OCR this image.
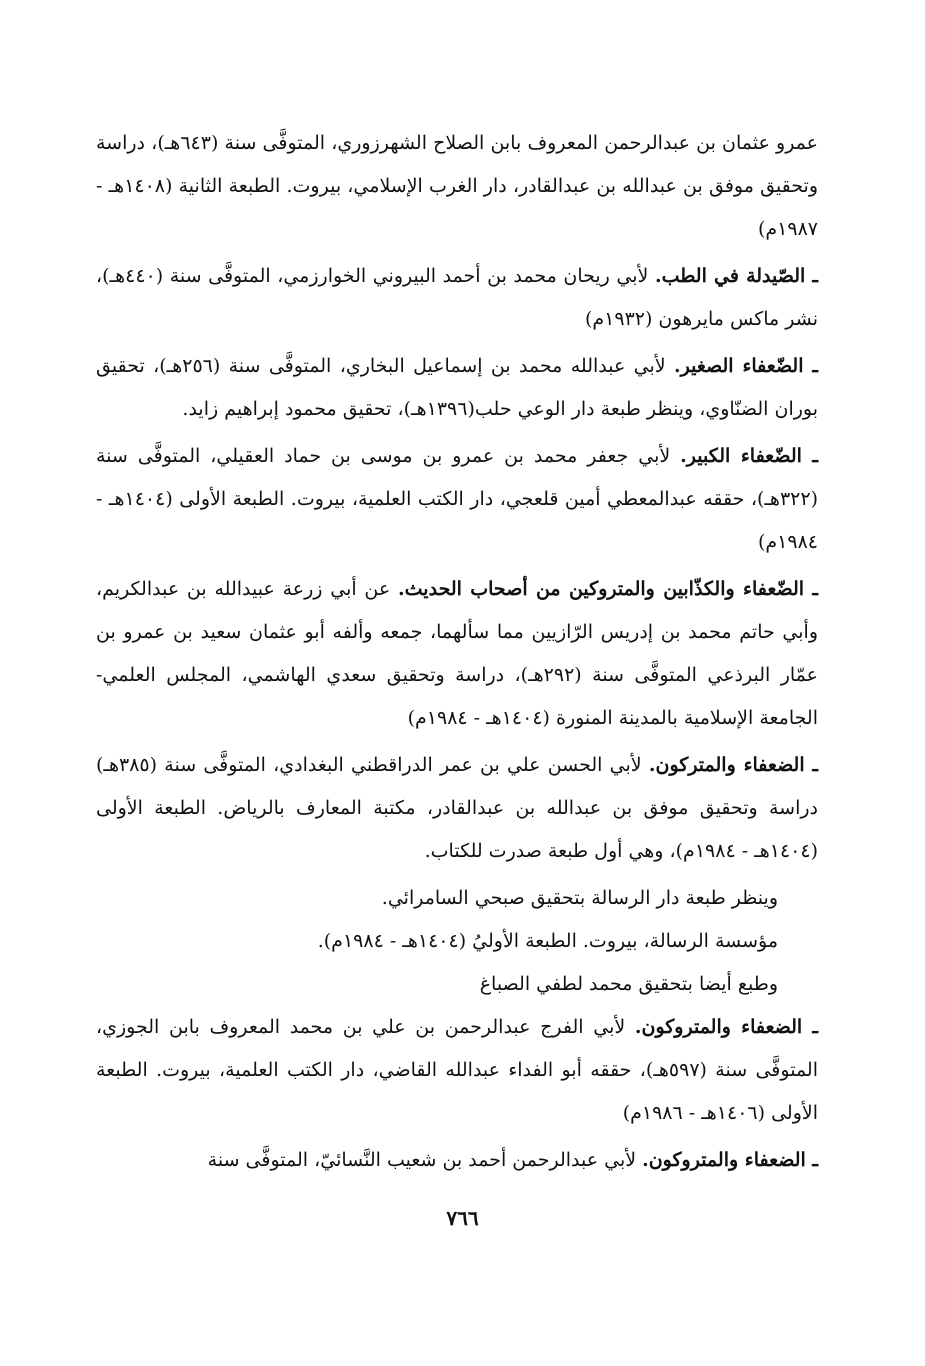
عمرو عثمان بن عبدالرحمن المعروف بابن الصلاح الشهرزوري، المتوفَّى سنة (٦٤٣هـ)، دراسة وتحقيق موفق بن عبدالله بن عبدالقادر، دار الغرب الإسلامي، بيروت. الطبعة الثانية (١٤٠٨هـ - ١٩٨٧م)

ـ الصّيدلة في الطب. لأبي ريحان محمد بن أحمد البيروني الخوارزمي، المتوفَّى سنة (٤٤٠هـ)، نشر ماكس مايرهون (١٩٣٢م)

ـ الضّعفاء الصغير. لأبي عبدالله محمد بن إسماعيل البخاري، المتوفَّى سنة (٢٥٦هـ)، تحقيق بوران الضنّاوي، وينظر طبعة دار الوعي حلب(١٣٩٦هـ)، تحقيق محمود إبراهيم زايد.

ـ الضّعفاء الكبير. لأبي جعفر محمد بن عمرو بن موسى بن حماد العقيلي، المتوفَّى سنة (٣٢٢هـ)، حققه عبدالمعطي أمين قلعجي، دار الكتب العلمية، بيروت. الطبعة الأولى (١٤٠٤هـ - ١٩٨٤م)

ـ الضّعفاء والكذّابين والمتروكين من أصحاب الحديث. عن أبي زرعة عبيدالله بن عبدالكريم، وأبي حاتم محمد بن إدريس الرّازيين مما سألهما، جمعه وألفه أبو عثمان سعيد بن عمرو بن عمّار البرذعي المتوفَّى سنة (٢٩٢هـ)، دراسة وتحقيق سعدي الهاشمي، المجلس العلمي- الجامعة الإسلامية بالمدينة المنورة (١٤٠٤هـ - ١٩٨٤م)

ـ الضعفاء والمتركون. لأبي الحسن علي بن عمر الدراقطني البغدادي، المتوفَّى سنة (٣٨٥هـ) دراسة وتحقيق موفق بن عبدالله بن عبدالقادر، مكتبة المعارف بالرياض. الطبعة الأولى (١٤٠٤هـ - ١٩٨٤م)، وهي أول طبعة صدرت للكتاب.

وينظر طبعة دار الرسالة بتحقيق صبحي السامرائي.

مؤسسة الرسالة، بيروت. الطبعة الأوليُ (١٤٠٤هـ - ١٩٨٤م).

وطبع أيضا بتحقيق محمد لطفي الصباغ

ـ الضعفاء والمتروكون. لأبي الفرج عبدالرحمن بن علي بن محمد المعروف بابن الجوزي، المتوفَّى سنة (٥٩٧هـ)، حققه أبو الفداء عبدالله القاضي، دار الكتب العلمية، بيروت. الطبعة الأولى (١٤٠٦هـ - ١٩٨٦م)

ـ الضعفاء والمتروكون. لأبي عبدالرحمن أحمد بن شعيب النَّسائيّ، المتوفَّى سنة

٧٦٦
